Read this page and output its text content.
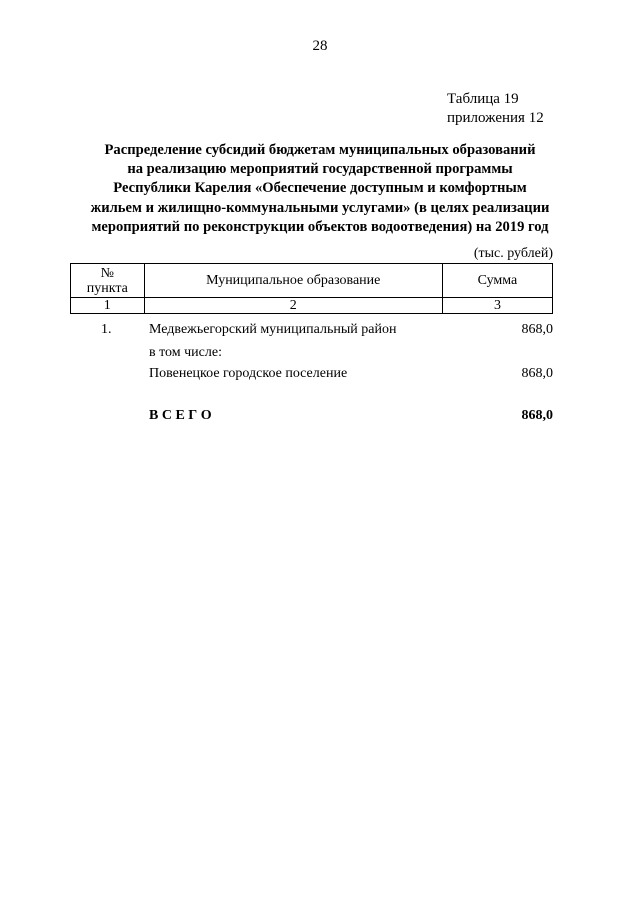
28
Таблица 19
приложения 12
Распределение субсидий бюджетам муниципальных образований
на реализацию мероприятий государственной программы
Республики Карелия «Обеспечение доступным и комфортным
жильем и жилищно-коммунальными услугами» (в целях реализации
мероприятий по реконструкции объектов водоотведения) на 2019 год
(тыс. рублей)
№
пункта	Муниципальное образование	Сумма
1	2	3
1.	Медвежьегорский муниципальный район	868,0
в том числе:
Повенецкое городское поселение	868,0
В С Е Г О	868,0
